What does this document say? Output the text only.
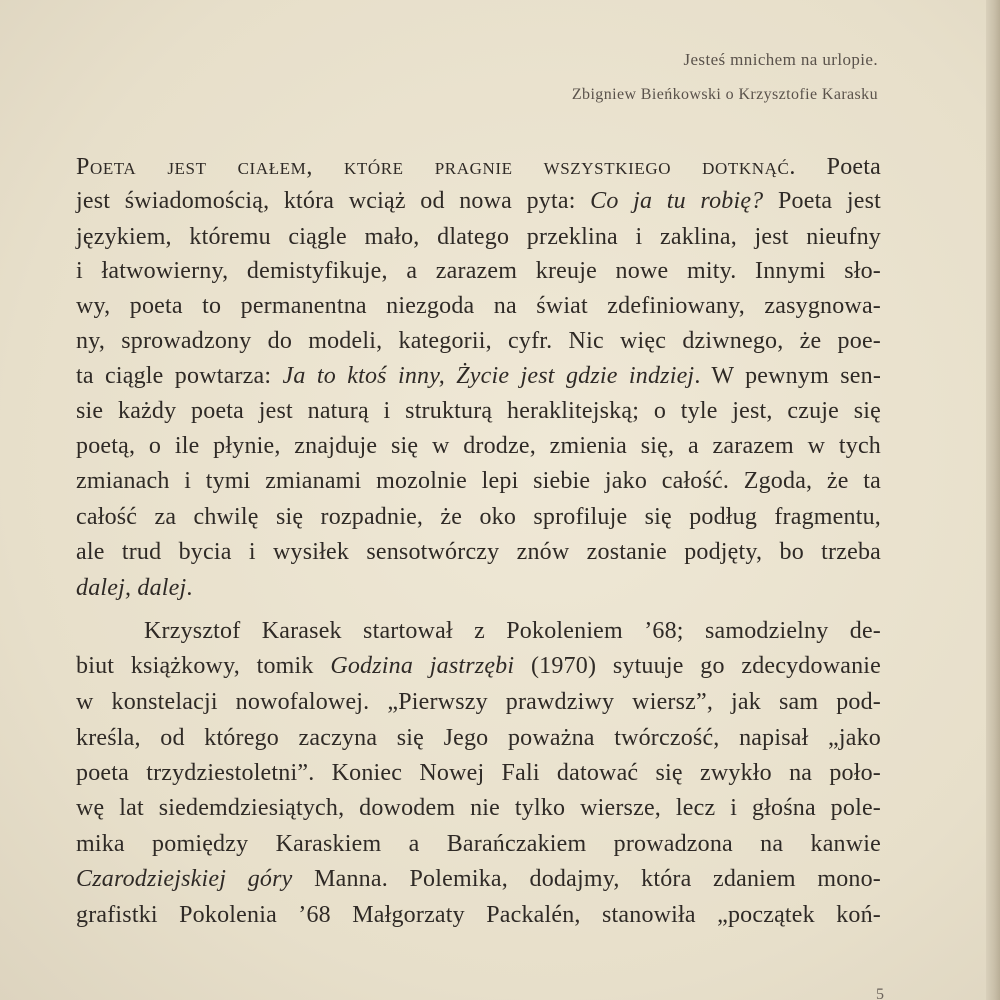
Jesteś mnichem na urlopie.
Zbigniew Bieńkowski o Krzysztofie Karasku
Poeta jest ciałem, które pragnie wszystkiego dotknąć. Poeta
jest świadomością, która wciąż od nowa pyta: Co ja tu robię? Poeta jest
językiem, któremu ciągle mało, dlatego przeklina i zaklina, jest nieufny
i łatwowierny, demistyfikuje, a zarazem kreuje nowe mity. Innymi sło-
wy, poeta to permanentna niezgoda na świat zdefiniowany, zasygnowa-
ny, sprowadzony do modeli, kategorii, cyfr. Nic więc dziwnego, że poe-
ta ciągle powtarza: Ja to ktoś inny, Życie jest gdzie indziej. W pewnym sen-
sie każdy poeta jest naturą i strukturą heraklitejską; o tyle jest, czuje się
poetą, o ile płynie, znajduje się w drodze, zmienia się, a zarazem w tych
zmianach i tymi zmianami mozolnie lepi siebie jako całość. Zgoda, że ta
całość za chwilę się rozpadnie, że oko sprofiluje się podług fragmentu,
ale trud bycia i wysiłek sensotwórczy znów zostanie podjęty, bo trzeba
dalej, dalej.
Krzysztof Karasek startował z Pokoleniem ’68; samodzielny de-
biut książkowy, tomik Godzina jastrzębi (1970) sytuuje go zdecydowanie
w konstelacji nowofalowej. „Pierwszy prawdziwy wiersz”, jak sam pod-
kreśla, od którego zaczyna się Jego poważna twórczość, napisał „jako
poeta trzydziestoletni”. Koniec Nowej Fali datować się zwykło na poło-
wę lat siedemdziesiątych, dowodem nie tylko wiersze, lecz i głośna pole-
mika pomiędzy Karaskiem a Barańczakiem prowadzona na kanwie
Czarodziejskiej góry Manna. Polemika, dodajmy, która zdaniem mono-
grafistki Pokolenia ’68 Małgorzaty Packalén, stanowiła „początek koń-
5
